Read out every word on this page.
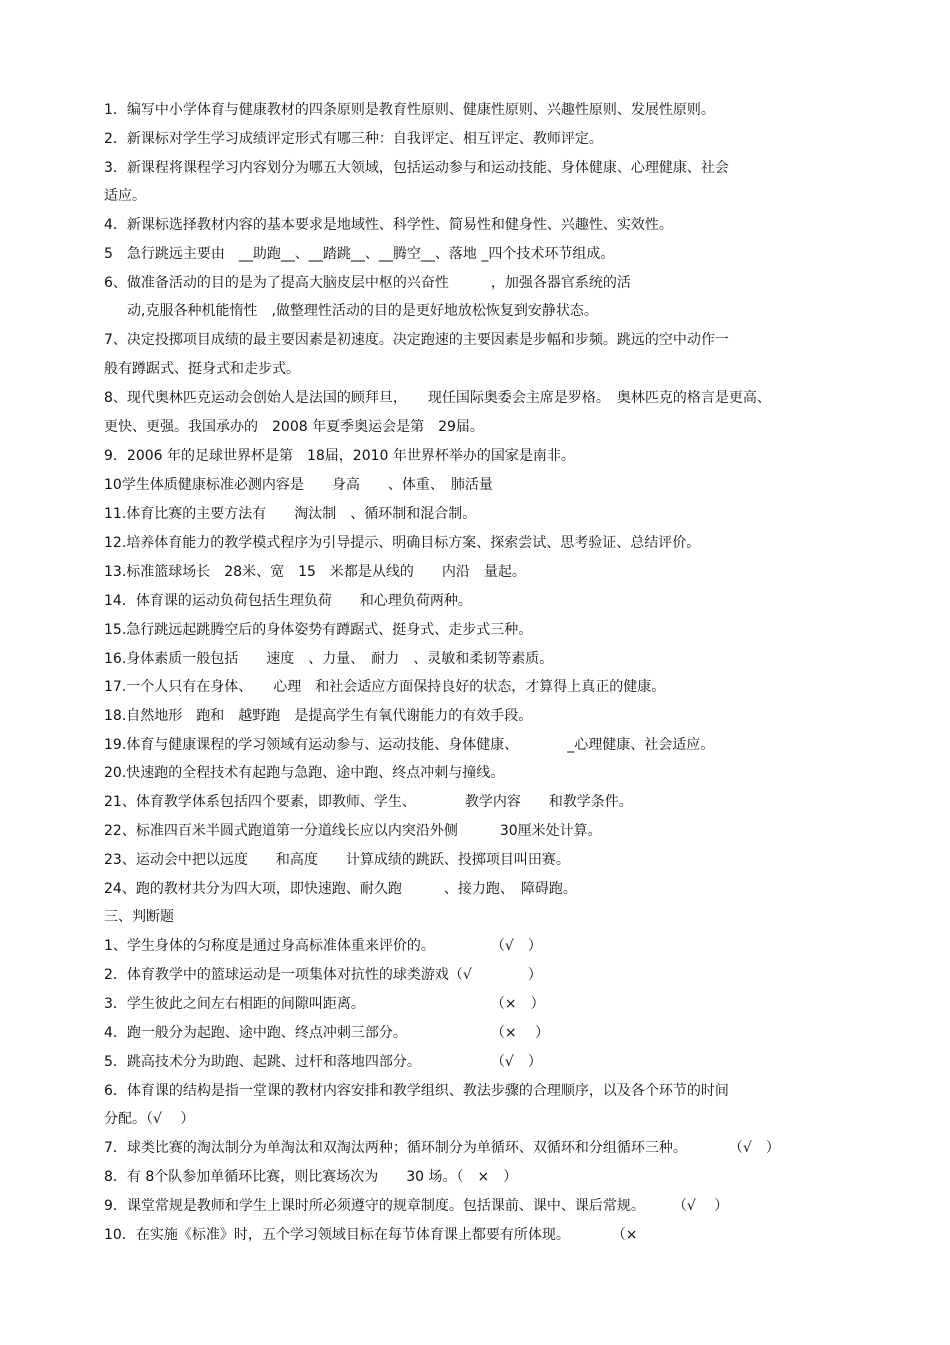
1．编写中小学体育与健康教材的四条原则是教育性原则、健康性原则、兴趣性原则、发展性原则。
2．新课标对学生学习成绩评定形式有哪三种：自我评定、相互评定、教师评定。
3．新课程将课程学习内容划分为哪五大领域，包括运动参与和运动技能、身体健康、心理健康、社会
适应。
4．新课标选择教材内容的基本要求是地域性、科学性、简易性和健身性、兴趣性、实效性。
5　急行跳远主要由　__助跑__、__踏跳__、__腾空__、落地 _四个技术环节组成。
6、做准备活动的目的是为了提高大脑皮层中枢的兴奋性　　　，加强各器官系统的活
动,克服各种机能惰性　,做整理性活动的目的是更好地放松恢复到安静状态。
7、决定投掷项目成绩的最主要因素是初速度。决定跑速的主要因素是步幅和步频。跳远的空中动作一
般有蹲踞式、挺身式和走步式。
8、现代奥林匹克运动会创始人是法国的顾拜旦，　　现任国际奥委会主席是罗格。　奥林匹克的格言是更高、
更快、更强。我国承办的　2008 年夏季奥运会是第　29届。
9．2006 年的足球世界杯是第　18届，2010 年世界杯举办的国家是南非。
10学生体质健康标准必测内容是　　身高　　、体重、　肺活量
11.体育比赛的主要方法有　　淘汰制　、循环制和混合制。
12.培养体育能力的教学模式程序为引导提示、明确目标方案、探索尝试、思考验证、总结评价。
13.标准篮球场长　28米、宽　15　米都是从线的　　内沿　量起。
14．体育课的运动负荷包括生理负荷　　和心理负荷两种。
15.急行跳远起跳腾空后的身体姿势有蹲踞式、挺身式、走步式三种。
16.身体素质一般包括　　速度　、力量、　耐力　、灵敏和柔韧等素质。
17.一个人只有在身体、　　心理　和社会适应方面保持良好的状态，才算得上真正的健康。
18.自然地形　跑和　越野跑　是提高学生有氧代谢能力的有效手段。
19.体育与健康课程的学习领域有运动参与、运动技能、身体健康、　　　　_心理健康、社会适应。
20.快速跑的全程技术有起跑与急跑、途中跑、终点冲刺与撞线。
21、体育教学体系包括四个要素，即教师、学生、　　　　教学内容　　和教学条件。
22、标准四百米半圆式跑道第一分道线长应以内突沿外侧　　　30厘米处计算。
23、运动会中把以远度　　和高度　　计算成绩的跳跃、投掷项目叫田赛。
24、跑的教材共分为四大项，即快速跑、耐久跑　　　、接力跑、　障碍跑。
三、判断题
1、学生身体的匀称度是通过身高标准体重来评价的。　　　　　（√　）
2．体育教学中的篮球运动是一项集体对抗性的球类游戏（√　　　　）
3．学生彼此之间左右相距的间隙叫距离。　　　　　　　　　　（×　）
4．跑一般分为起跑、途中跑、终点冲刺三部分。　　　　　　　（×　 ）
5．跳高技术分为助跑、起跳、过杆和落地四部分。　　　　　　（√　）
6．体育课的结构是指一堂课的教材内容安排和教学组织、教法步骤的合理顺序，以及各个环节的时间
分配。（√　 ）
7．球类比赛的淘汰制分为单淘汰和双淘汰两种；循环制分为单循环、双循环和分组循环三种。　　　　（√　）
8．有 8个队参加单循环比赛，则比赛场次为　　30 场。（　×　）
9．课堂常规是教师和学生上课时所必须遵守的规章制度。包括课前、课中、课后常规。　　　（√　 ）
10．在实施《标准》时，五个学习领域目标在每节体育课上都要有所体现。　　　　（×
